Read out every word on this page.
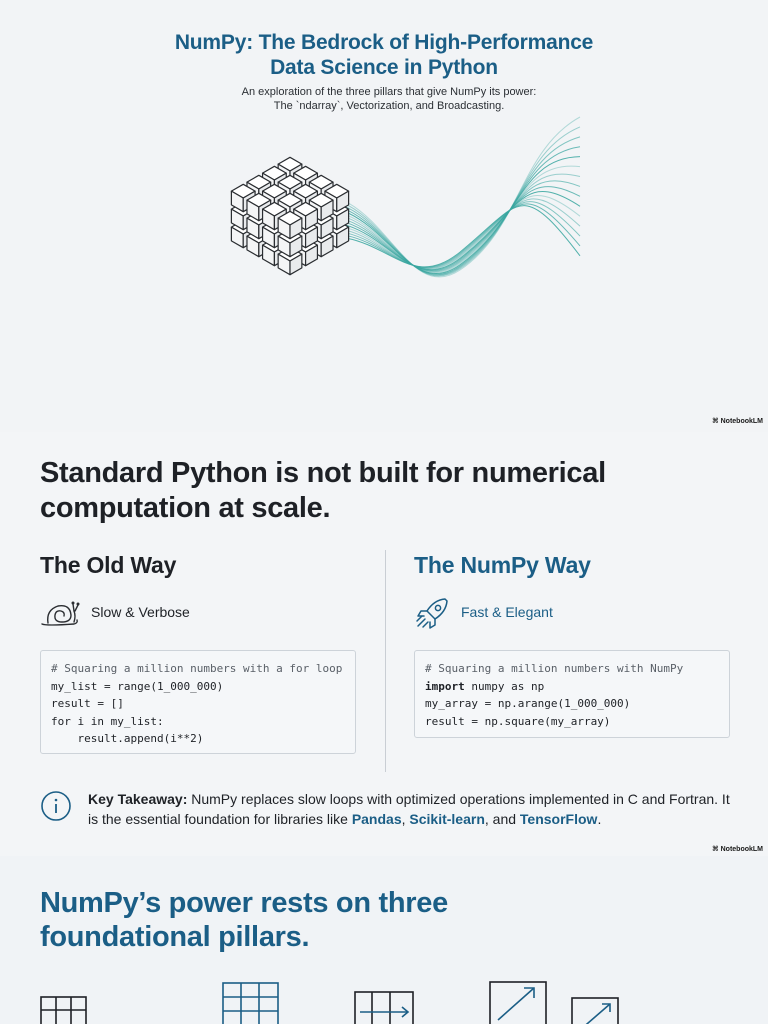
NumPy: The Bedrock of High-Performance
Data Science in Python

An exploration of the three pillars that give NumPy its power:
The `ndarray`, Vectorization, and Broadcasting.

⌘ NotebookLM
Standard Python is not built for numerical
computation at scale.
The Old Way	The NumPy Way
Slow & Verbose	Fast & Elegant
# Squaring a million numbers with a for loop
my_list = range(1_000_000)
result = []
for i in my_list:
result.append(i**2)
# Squaring a million numbers with NumPy
import numpy as np
my_array = np.arange(1_000_000)
result = np.square(my_array)

Key Takeaway: NumPy replaces slow loops with optimized operations implemented in C and Fortran. It is the essential foundation for libraries like Pandas, Scikit-learn, and TensorFlow.

⌘ NotebookLM
NumPy’s power rests on three
foundational pillars.
